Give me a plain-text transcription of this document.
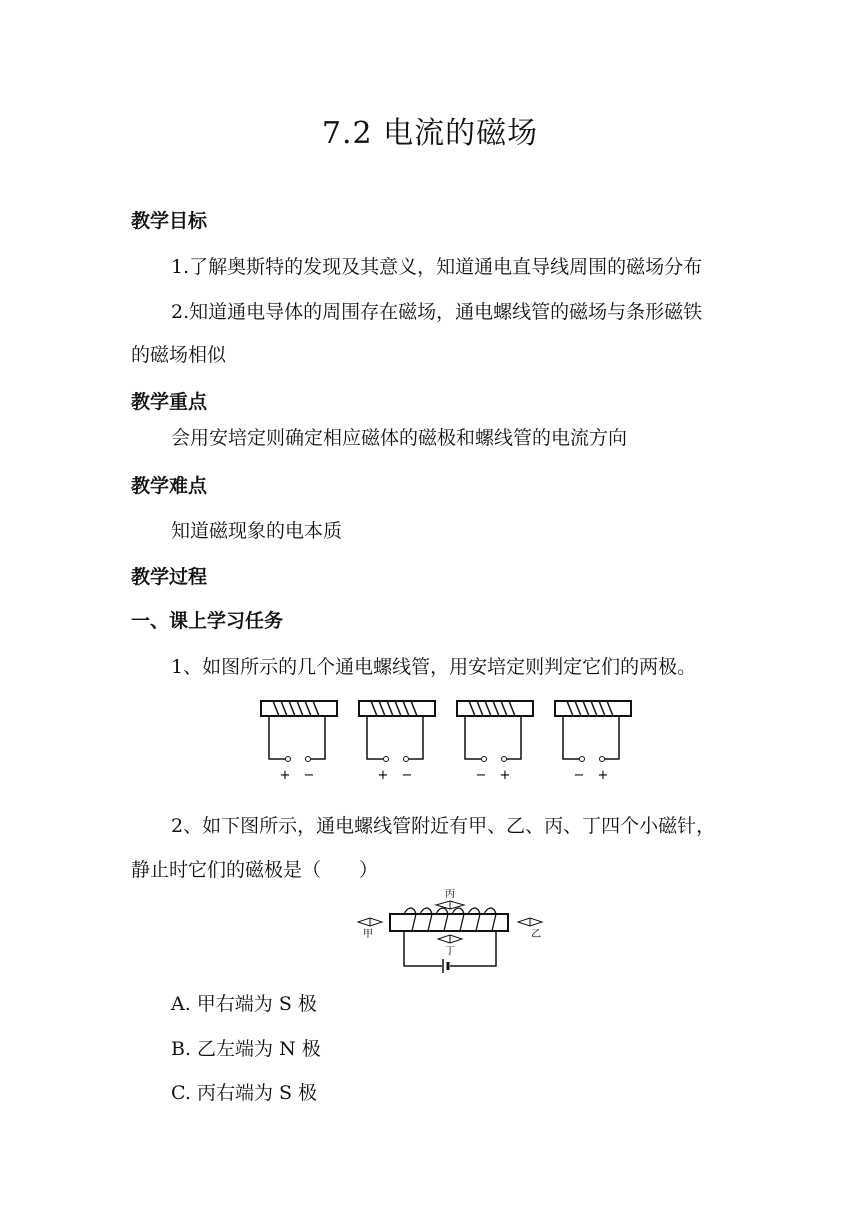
7.2 电流的磁场
教学目标
1.了解奥斯特的发现及其意义，知道通电直导线周围的磁场分布
2.知道通电导体的周围存在磁场，通电螺线管的磁场与条形磁铁
的磁场相似
教学重点
会用安培定则确定相应磁体的磁极和螺线管的电流方向
教学难点
知道磁现象的电本质
教学过程
一、课上学习任务
1、如图所示的几个通电螺线管，用安培定则判定它们的两极。
+ −	+ −	− +	− +
2、如下图所示，通电螺线管附近有甲、乙、丙、丁四个小磁针，
静止时它们的磁极是（　　）
丙
丁
甲	乙
A. 甲右端为 S 极
B. 乙左端为 N 极
C. 丙右端为 S 极
